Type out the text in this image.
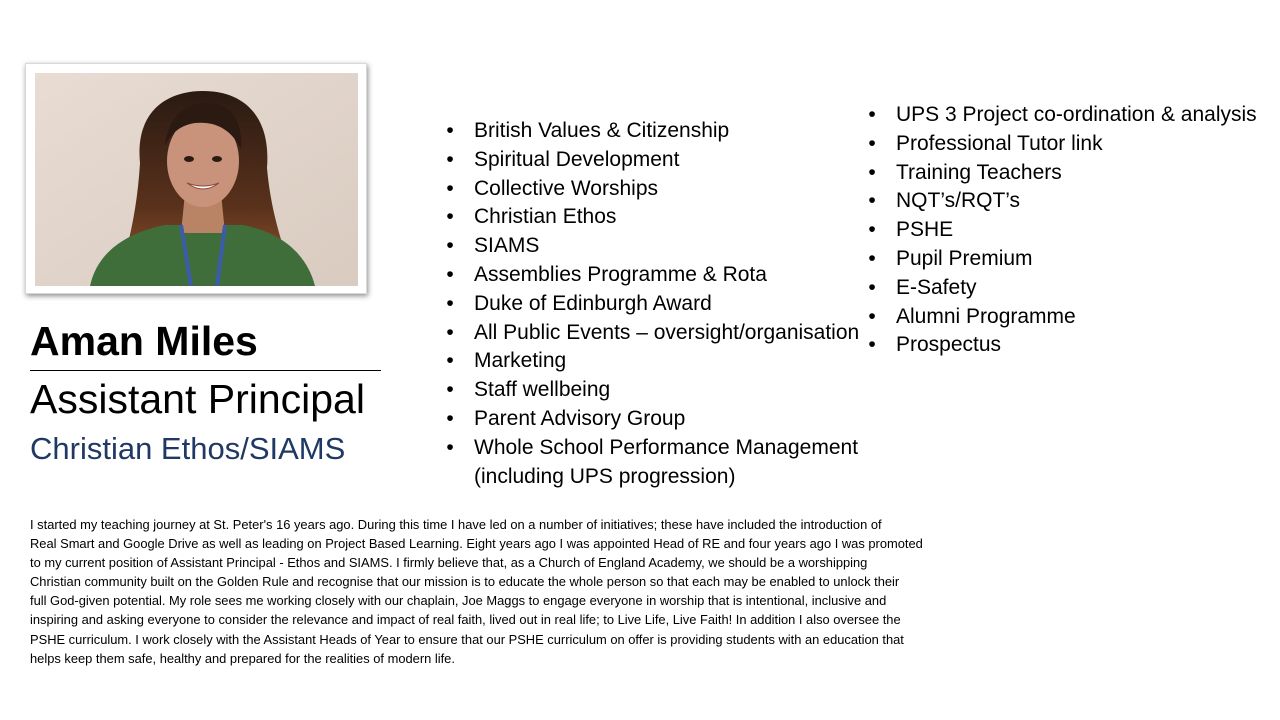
Aman Miles
Assistant Principal
Christian Ethos/SIAMS
• British Values & Citizenship
• Spiritual Development
• Collective Worships
• Christian Ethos
• SIAMS
• Assemblies Programme & Rota
• Duke of Edinburgh Award
• All Public Events – oversight/organisation
• Marketing
• Staff wellbeing
• Parent Advisory Group
• Whole School Performance Management
(including UPS progression)
• UPS 3 Project co-ordination & analysis
• Professional Tutor link
• Training Teachers
• NQT’s/RQT’s
• PSHE
• Pupil Premium
• E-Safety
• Alumni Programme
• Prospectus
I started my teaching journey at St. Peter's 16 years ago. During this time I have led on a number of initiatives; these have included the introduction of
Real Smart and Google Drive as well as leading on Project Based Learning. Eight years ago I was appointed Head of RE and four years ago I was promoted
to my current position of Assistant Principal - Ethos and SIAMS. I firmly believe that, as a Church of England Academy, we should be a worshipping
Christian community built on the Golden Rule and recognise that our mission is to educate the whole person so that each may be enabled to unlock their
full God-given potential. My role sees me working closely with our chaplain, Joe Maggs to engage everyone in worship that is intentional, inclusive and
inspiring and asking everyone to consider the relevance and impact of real faith, lived out in real life; to Live Life, Live Faith! In addition I also oversee the
PSHE curriculum. I work closely with the Assistant Heads of Year to ensure that our PSHE curriculum on offer is providing students with an education that
helps keep them safe, healthy and prepared for the realities of modern life.
